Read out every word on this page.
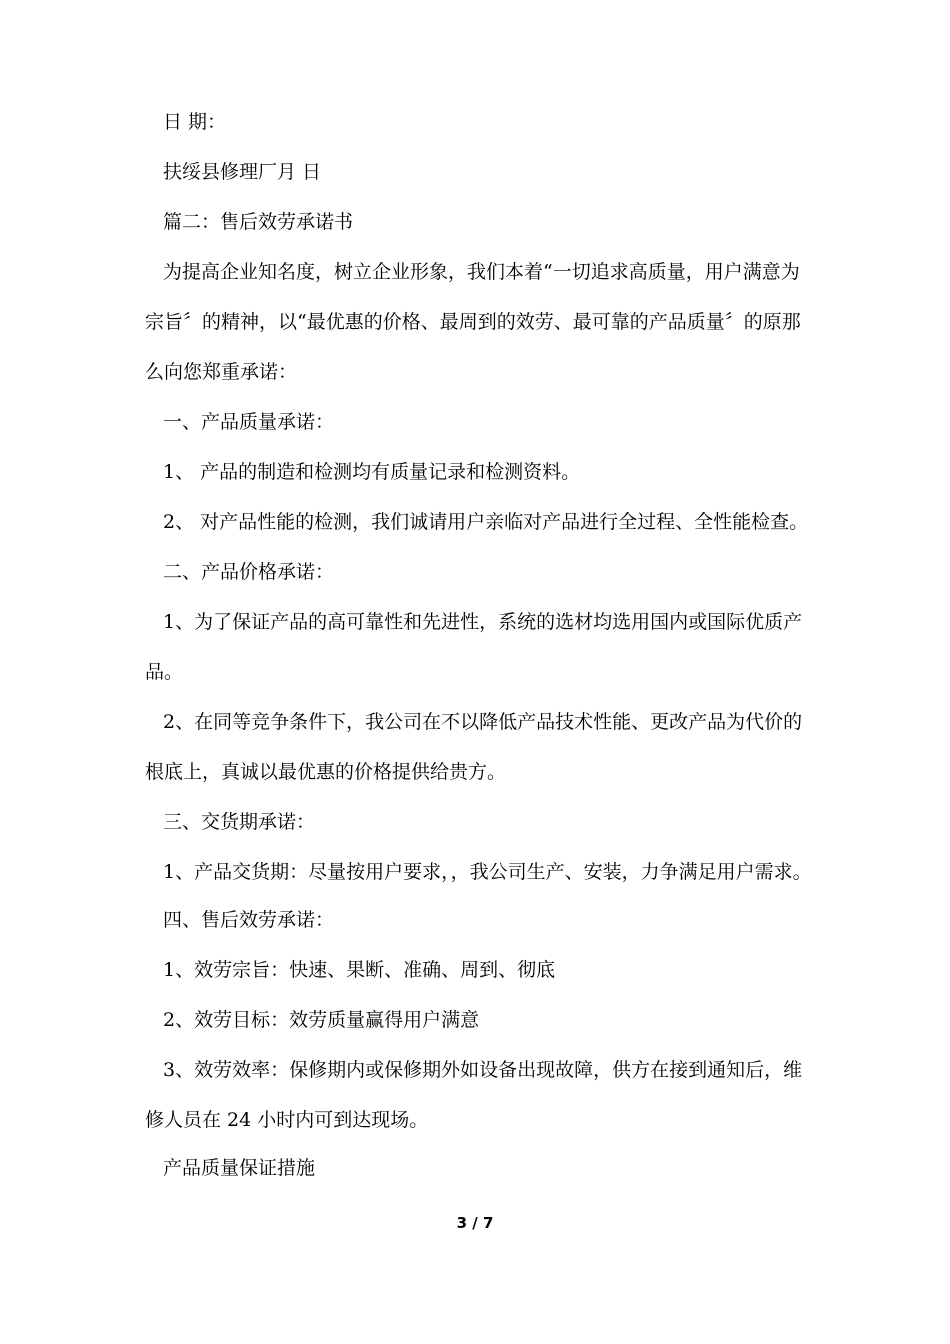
日 期：
扶绥县修理厂月 日
篇二：售后效劳承诺书
为提高企业知名度，树立企业形象，我们本着“一切追求高质量，用户满意为
宗旨〞的精神，以“最优惠的价格、最周到的效劳、最可靠的产品质量〞的原那
么向您郑重承诺：
一、产品质量承诺：
1、 产品的制造和检测均有质量记录和检测资料。
2、 对产品性能的检测，我们诚请用户亲临对产品进行全过程、全性能检查。
二、产品价格承诺：
1、为了保证产品的高可靠性和先进性，系统的选材均选用国内或国际优质产
品。
2、在同等竞争条件下，我公司在不以降低产品技术性能、更改产品为代价的
根底上，真诚以最优惠的价格提供给贵方。
三、交货期承诺：
1、产品交货期：尽量按用户要求，，我公司生产、安装，力争满足用户需求。
四、售后效劳承诺：
1、效劳宗旨：快速、果断、准确、周到、彻底
2、效劳目标：效劳质量赢得用户满意
3、效劳效率：保修期内或保修期外如设备出现故障，供方在接到通知后，维
修人员在 24 小时内可到达现场。
产品质量保证措施
3 / 7
